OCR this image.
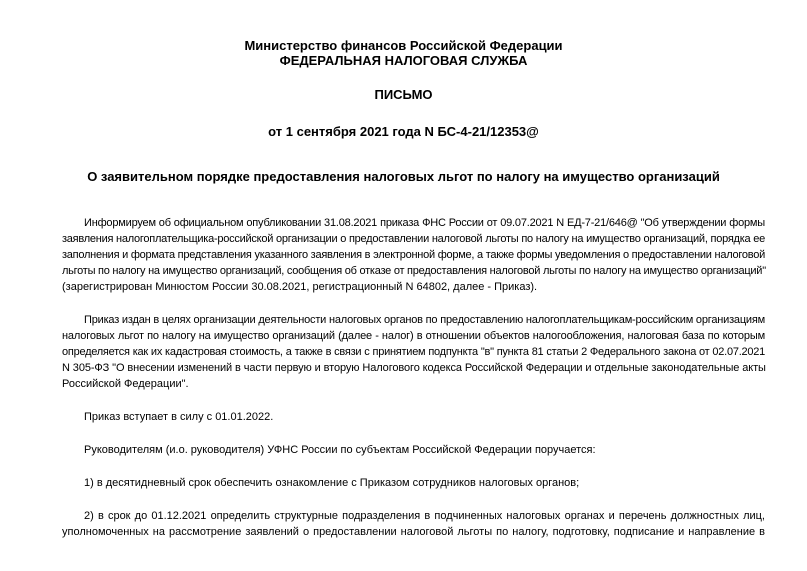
Министерство финансов Российской Федерации
ФЕДЕРАЛЬНАЯ НАЛОГОВАЯ СЛУЖБА
ПИСЬМО
от 1 сентября 2021 года N БС-4-21/12353@
О заявительном порядке предоставления налоговых льгот по налогу на имущество организаций
Информируем об официальном опубликовании 31.08.2021 приказа ФНС России от 09.07.2021 N ЕД-7-21/646@ "Об утверждении формы
заявления налогоплательщика-российской организации о предоставлении налоговой льготы по налогу на имущество организаций, порядка ее
заполнения и формата представления указанного заявления в электронной форме, а также формы уведомления о предоставлении налоговой
льготы по налогу на имущество организаций, сообщения об отказе от предоставления налоговой льготы по налогу на имущество организаций"
(зарегистрирован Минюстом России 30.08.2021, регистрационный N 64802, далее - Приказ).
Приказ издан в целях организации деятельности налоговых органов по предоставлению налогоплательщикам-российским организациям
налоговых льгот по налогу на имущество организаций (далее - налог) в отношении объектов налогообложения, налоговая база по которым
определяется как их кадастровая стоимость, а также в связи с принятием подпункта "в" пункта 81 статьи 2 Федерального закона от 02.07.2021
N 305-ФЗ "О внесении изменений в части первую и вторую Налогового кодекса Российской Федерации и отдельные законодательные акты
Российской Федерации".
Приказ вступает в силу с 01.01.2022.
Руководителям (и.о. руководителя) УФНС России по субъектам Российской Федерации поручается:
1) в десятидневный срок обеспечить ознакомление с Приказом сотрудников налоговых органов;
2) в срок до 01.12.2021 определить структурные подразделения в подчиненных налоговых органах и перечень должностных лиц,
уполномоченных на рассмотрение заявлений о предоставлении налоговой льготы по налогу, подготовку, подписание и направление в
